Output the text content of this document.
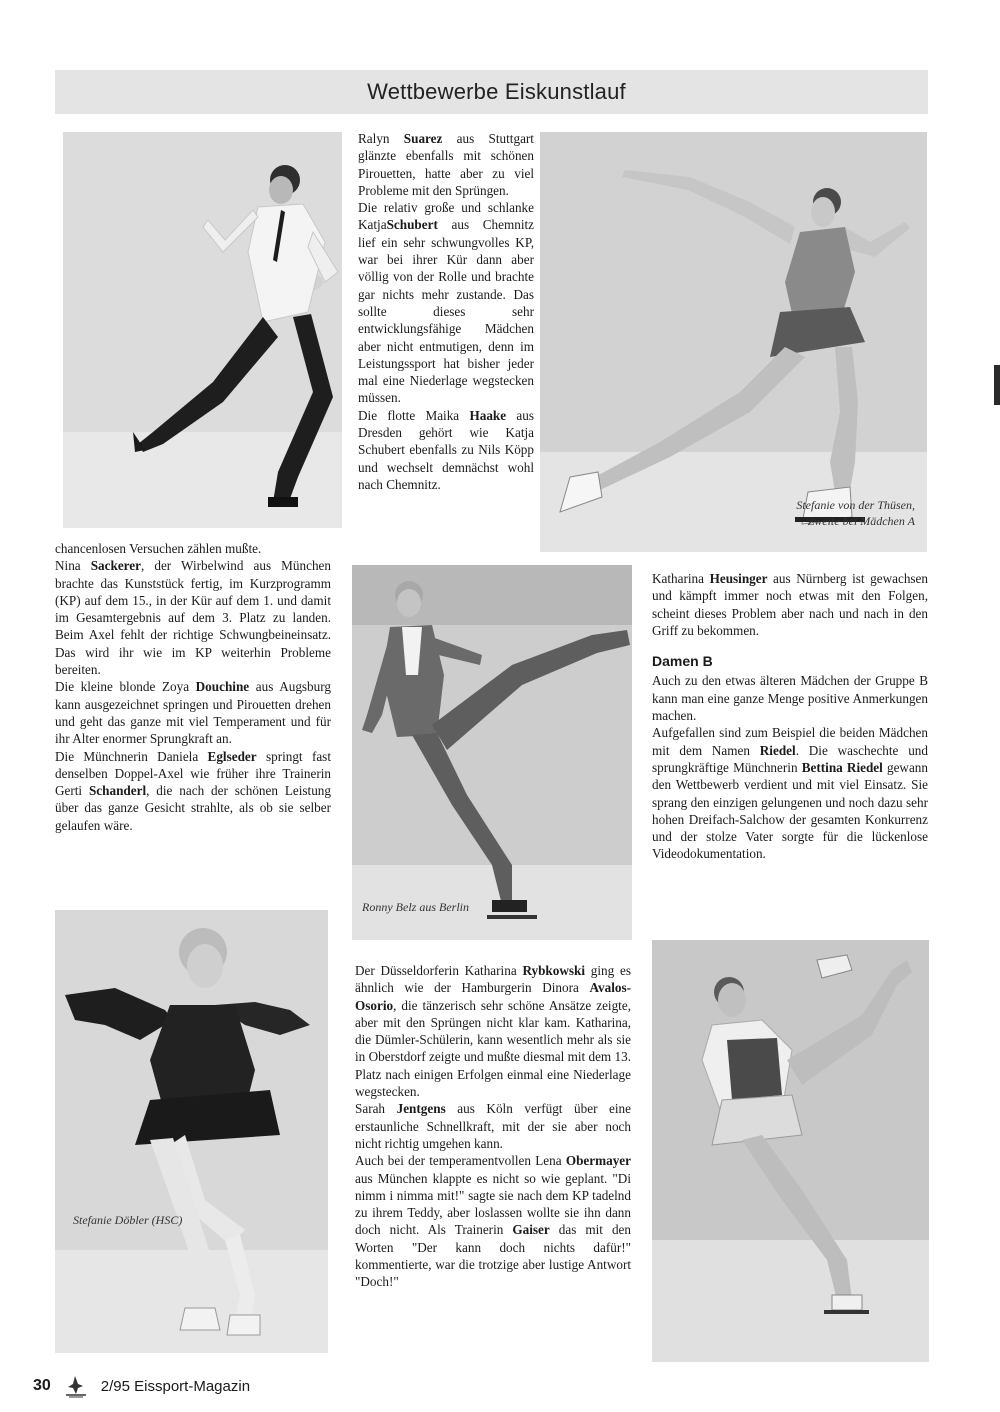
Wettbewerbe Eiskunstlauf
Stefanie von der Thüsen, Zweite bei Mädchen A

Ralyn Suarez aus Stuttgart glänzte ebenfalls mit schönen Pirouetten, hatte aber zu viel Probleme mit den Sprüngen.

Die relativ große und schlanke KatjaSchubert aus Chemnitz lief ein sehr schwungvolles KP, war bei ihrer Kür dann aber völlig von der Rolle und brachte gar nichts mehr zustande. Das sollte dieses sehr entwicklungsfähige Mädchen aber nicht entmutigen, denn im Leistungssport hat bisher jeder mal eine Niederlage wegstecken müssen.

Die flotte Maika Haake aus Dresden gehört wie Katja Schubert ebenfalls zu Nils Köpp und wechselt demnächst wohl nach Chemnitz.

chancenlosen Versuchen zählen mußte.

Nina Sackerer, der Wirbelwind aus München brachte das Kunststück fertig, im Kurzprogramm (KP) auf dem 15., in der Kür auf dem 1. und damit im Gesamtergebnis auf dem 3. Platz zu landen. Beim Axel fehlt der richtige Schwungbeineinsatz. Das wird ihr wie im KP weiterhin Probleme bereiten.

Die kleine blonde Zoya Douchine aus Augsburg kann ausgezeichnet springen und Pirouetten drehen und geht das ganze mit viel Temperament und für ihr Alter enormer Sprungkraft an.

Die Münchnerin Daniela Eglseder springt fast denselben Doppel-Axel wie früher ihre Trainerin Gerti Schanderl, die nach der schönen Leistung über das ganze Gesicht strahlte, als ob sie selber gelaufen wäre.

Ronny Belz aus Berlin

Katharina Heusinger aus Nürnberg ist gewachsen und kämpft immer noch etwas mit den Folgen, scheint dieses Problem aber nach und nach in den Griff zu bekommen.

Damen B

Auch zu den etwas älteren Mädchen der Gruppe B kann man eine ganze Menge positive Anmerkungen machen.

Aufgefallen sind zum Beispiel die beiden Mädchen mit dem Namen Riedel. Die waschechte und sprungkräftige Münchnerin Bettina Riedel gewann den Wettbewerb verdient und mit viel Einsatz. Sie sprang den einzigen gelungenen und noch dazu sehr hohen Dreifach-Salchow der gesamten Konkurrenz und der stolze Vater sorgte für die lückenlose Videodokumentation.

Stefanie Döbler (HSC)

Der Düsseldorferin Katharina Rybkowski ging es ähnlich wie der Hamburgerin Dinora Avalos-Osorio, die tänzerisch sehr schöne Ansätze zeigte, aber mit den Sprüngen nicht klar kam. Katharina, die Dümler-Schülerin, kann wesentlich mehr als sie in Oberstdorf zeigte und mußte diesmal mit dem 13. Platz nach einigen Erfolgen einmal eine Niederlage wegstecken.

Sarah Jentgens aus Köln verfügt über eine erstaunliche Schnellkraft, mit der sie aber noch nicht richtig umgehen kann.

Auch bei der temperamentvollen Lena Obermayer aus München klappte es nicht so wie geplant. "Di nimm i nimma mit!" sagte sie nach dem KP tadelnd zu ihrem Teddy, aber loslassen wollte sie ihn dann doch nicht. Als Trainerin Gaiser das mit den Worten "Der kann doch nichts dafür!" kommentierte, war die trotzige aber lustige Antwort "Doch!"

30	2/95 Eissport-Magazin
